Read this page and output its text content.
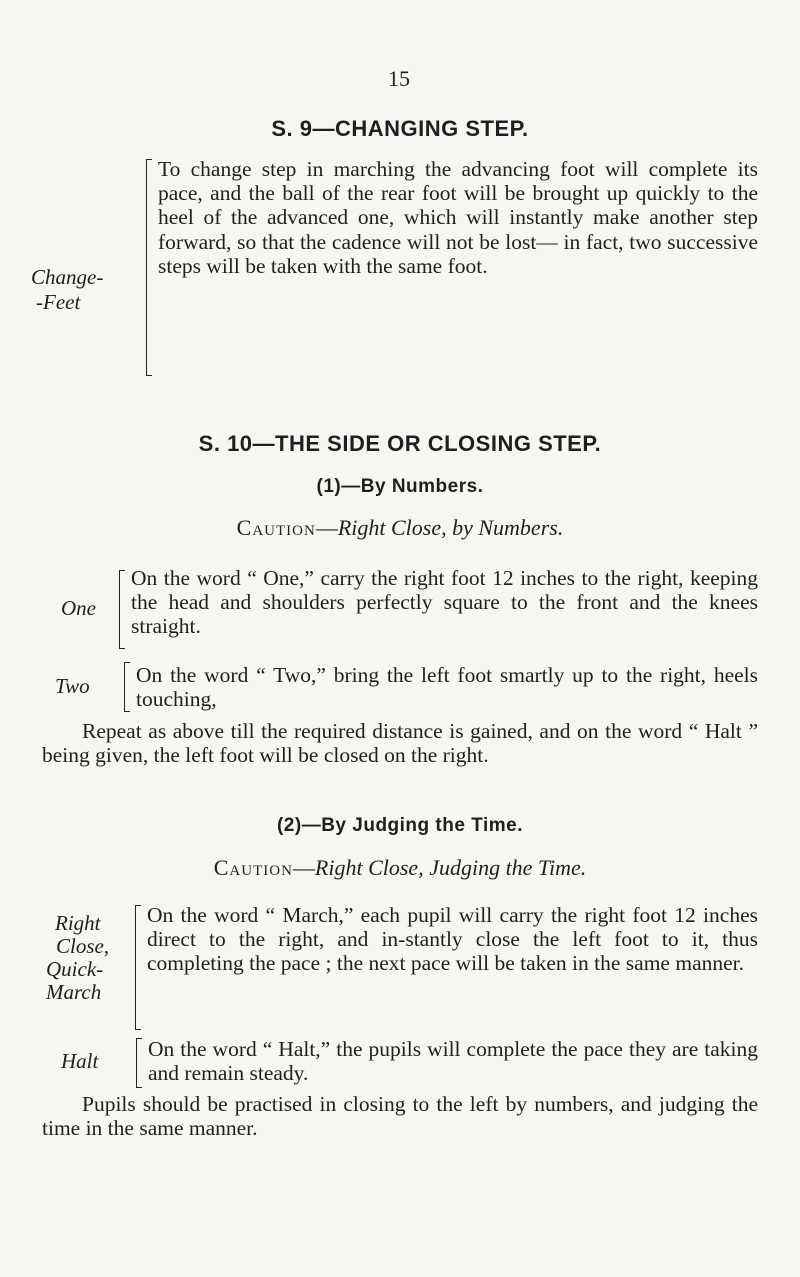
15
S. 9—CHANGING STEP.
Change-
-Feet
To change step in marching the advancing foot will complete its pace, and the ball of the rear foot will be brought up quickly to the heel of the advanced one, which will instantly make another step forward, so that the cadence will not be lost— in fact, two successive steps will be taken with the same foot.
S. 10—THE SIDE OR CLOSING STEP.
(1)—By Numbers.
Caution—Right Close, by Numbers.
One
On the word “ One,” carry the right foot 12 inches to the right, keeping the head and shoulders perfectly square to the front and the knees straight.
Two On the word “ Two,” bring the left foot smartly up to the right, heels touching,
Repeat as above till the required distance is gained, and on the word “ Halt ” being given, the left foot will be closed on the right.
(2)—By Judging the Time.
Caution—Right Close, Judging the Time.
Right
Close,
Quick-
March
On the word “ March,” each pupil will carry the right foot 12 inches direct to the right, and in-stantly close the left foot to it, thus completing the pace ; the next pace will be taken in the same manner.
Halt On the word “ Halt,” the pupils will complete the pace they are taking and remain steady.
Pupils should be practised in closing to the left by numbers, and judging the time in the same manner.
